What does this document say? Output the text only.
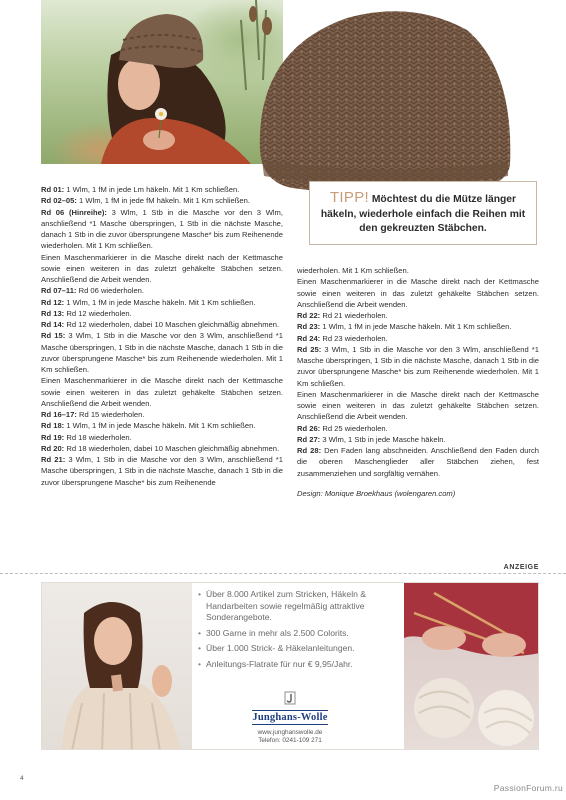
TIPP! Möchtest du die Mütze länger häkeln, wiederhole einfach die Reihen mit den gekreuzten Stäbchen.

Rd 01: 1 Wlm, 1 fM in jede Lm häkeln. Mit 1 Km schließen.

Rd 02–05: 1 Wlm, 1 fM in jede fM häkeln. Mit 1 Km schließen.

Rd 06 (Hinreihe): 3 Wlm, 1 Stb in die Masche vor den 3 Wlm, anschließend *1 Masche überspringen, 1 Stb in die nächste Masche, danach 1 Stb in die zuvor übersprungene Masche* bis zum Reihenende wiederholen. Mit 1 Km schließen.

Einen Maschenmarkierer in die Masche direkt nach der Kettmasche sowie einen weiteren in das zuletzt gehäkelte Stäbchen setzen. Anschließend die Arbeit wenden.

Rd 07–11: Rd 06 wiederholen.

Rd 12: 1 Wlm, 1 fM in jede Masche häkeln. Mit 1 Km schließen.

Rd 13: Rd 12 wiederholen.

Rd 14: Rd 12 wiederholen, dabei 10 Maschen gleichmäßig abnehmen.

Rd 15: 3 Wlm, 1 Stb in die Masche vor den 3 Wlm, anschließend *1 Masche überspringen, 1 Stb in die nächste Masche, danach 1 Stb in die zuvor übersprungene Masche* bis zum Reihenende wiederholen. Mit 1 Km schließen.

Einen Maschenmarkierer in die Masche direkt nach der Kettmasche sowie einen weiteren in das zuletzt gehäkelte Stäbchen setzen. Anschließend die Arbeit wenden.

Rd 16–17: Rd 15 wiederholen.

Rd 18: 1 Wlm, 1 fM in jede Masche häkeln. Mit 1 Km schließen.

Rd 19: Rd 18 wiederholen.

Rd 20: Rd 18 wiederholen, dabei 10 Maschen gleichmäßig abnehmen.

Rd 21: 3 Wlm, 1 Stb in die Masche vor den 3 Wlm, anschließend *1 Masche überspringen, 1 Stb in die nächste Masche, danach 1 Stb in die zuvor übersprungene Masche* bis zum Reihenende

wiederholen. Mit 1 Km schließen.

Einen Maschenmarkierer in die Masche direkt nach der Kettmasche sowie einen weiteren in das zuletzt gehäkelte Stäbchen setzen. Anschließend die Arbeit wenden.

Rd 22: Rd 21 wiederholen.

Rd 23: 1 Wlm, 1 fM in jede Masche häkeln. Mit 1 Km schließen.

Rd 24: Rd 23 wiederholen.

Rd 25: 3 Wlm, 1 Stb in die Masche vor den 3 Wlm, anschließend *1 Masche überspringen, 1 Stb in die nächste Masche, danach 1 Stb in die zuvor übersprungene Masche* bis zum Reihenende wiederholen. Mit 1 Km schließen.

Einen Maschenmarkierer in die Masche direkt nach der Kettmasche sowie einen weiteren in das zuletzt gehäkelte Stäbchen setzen. Anschließend die Arbeit wenden.

Rd 26: Rd 25 wiederholen.

Rd 27: 3 Wlm, 1 Stb in jede Masche häkeln.

Rd 28: Den Faden lang abschneiden. Anschließend den Faden durch die oberen Maschenglieder aller Stäbchen ziehen, fest zusammenziehen und sorgfältig vernähen.

Design: Monique Broekhaus (wolengaren.com)

ANZEIGE
• Über 8.000 Artikel zum Stricken, Häkeln & Handarbeiten sowie regelmäßig attraktive Sonderangebote.
• 300 Garne in mehr als 2.500 Colorits.
• Über 1.000 Strick- & Häkelanleitungen.
• Anleitungs-Flatrate für nur € 9,95/Jahr.
Junghans-Wolle
www.junghanswolle.de
Telefon: 0241-109 271
4
PassionForum.ru
